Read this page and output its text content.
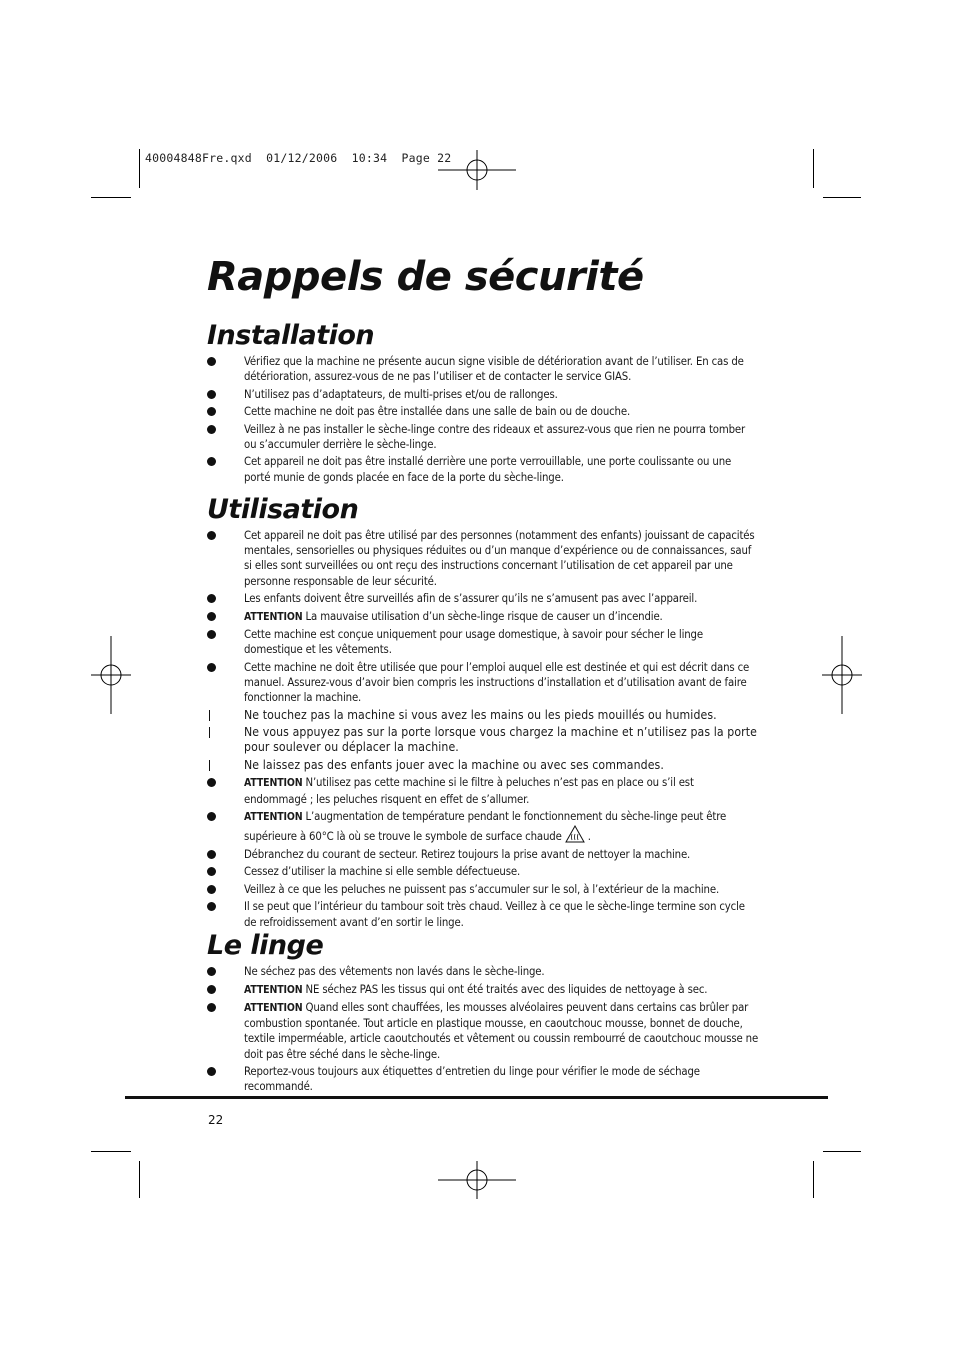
40004848Fre.qxd  01/12/2006  10:34  Page 22
Rappels de sécurité
Installation
Vérifiez que la machine ne présente aucun signe visible de détérioration avant de l’utiliser. En cas de détérioration, assurez-vous de ne pas l’utiliser et de contacter le service GIAS.
N’utilisez pas d’adaptateurs, de multi-prises et/ou de rallonges.
Cette machine ne doit pas être installée dans une salle de bain ou de douche.
Veillez à ne pas installer le sèche-linge contre des rideaux et assurez-vous que rien ne pourra tomber ou s’accumuler derrière le sèche-linge.
Cet appareil ne doit pas être installé derrière une porte verrouillable, une porte coulissante ou une porté munie de gonds placée en face de la porte du sèche-linge.
Utilisation
Cet appareil ne doit pas être utilisé par des personnes (notamment des enfants) jouissant de capacités mentales, sensorielles ou physiques réduites ou d’un manque d’expérience ou de connaissances, sauf si elles sont surveillées ou ont reçu des instructions concernant l’utilisation de cet appareil par une personne responsable de leur sécurité.
Les enfants doivent être surveillés afin de s’assurer qu’ils ne s’amusent pas avec l’appareil.
ATTENTION La mauvaise utilisation d’un sèche-linge risque de causer un d’incendie.
Cette machine est conçue uniquement pour usage domestique, à savoir pour sécher le linge domestique et les vêtements.
Cette machine ne doit être utilisée que pour l’emploi auquel elle est destinée et qui est décrit dans ce manuel. Assurez-vous d’avoir bien compris les instructions d’installation et d’utilisation avant de faire fonctionner la machine.
Ne touchez pas la machine si vous avez les mains ou les pieds mouillés ou humides.
Ne vous appuyez pas sur la porte lorsque vous chargez la machine et n’utilisez pas la porte pour soulever ou déplacer la machine.
Ne laissez pas des enfants jouer avec la machine ou avec ses commandes.
ATTENTION N’utilisez pas cette machine si le filtre à peluches n’est pas en place ou s’il est endommagé ; les peluches risquent en effet de s’allumer.
ATTENTION L’augmentation de température pendant le fonctionnement du sèche-linge peut être supérieure à 60°C là où se trouve le symbole de surface chaude .
Débranchez du courant de secteur. Retirez toujours la prise avant de nettoyer la machine.
Cessez d’utiliser la machine si elle semble défectueuse.
Veillez à ce que les peluches ne puissent pas s’accumuler sur le sol, à l’extérieur de la machine.
Il se peut que l’intérieur du tambour soit très chaud. Veillez à ce que le sèche-linge termine son cycle de refroidissement avant d’en sortir le linge.
Le linge
Ne séchez pas des vêtements non lavés dans le sèche-linge.
ATTENTION NE séchez PAS les tissus qui ont été traités avec des liquides de nettoyage à sec.
ATTENTION Quand elles sont chauffées, les mousses alvéolaires peuvent dans certains cas brûler par combustion spontanée. Tout article en plastique mousse, en caoutchouc mousse, bonnet de douche, textile imperméable, article caoutchoutés et vêtement ou coussin rembourré de caoutchouc mousse ne doit pas être séché dans le sèche-linge.
Reportez-vous toujours aux étiquettes d’entretien du linge pour vérifier le mode de séchage recommandé.
22
